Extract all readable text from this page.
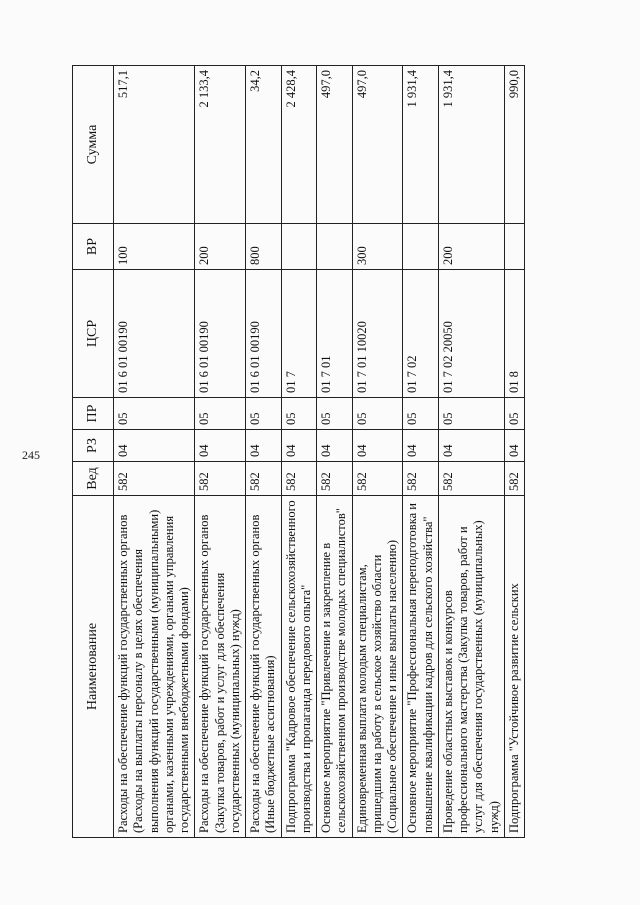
245
Наименование	Вед	РЗ	ПР	ЦСР	ВР	Сумма
Расходы на обеспечение функций государственных органов (Расходы на выплаты персоналу в целях обеспечения выполнения функций государственными (муниципальными) органами, казенными учреждениями, органами управления государственными внебюджетными фондами)	582	04	05	01 6 01 00190	100	517,1
Расходы на обеспечение функций государственных органов (Закупка товаров, работ и услуг для обеспечения государственных (муниципальных) нужд)	582	04	05	01 6 01 00190	200	2 133,4
Расходы на обеспечение функций государственных органов (Иные бюджетные ассигнования)	582	04	05	01 6 01 00190	800	34,2
Подпрограмма "Кадровое обеспечение сельскохозяйственного производства и пропаганда передового опыта"	582	04	05	01 7		2 428,4
Основное мероприятие "Привлечение и закрепление в сельскохозяйственном производстве молодых специалистов"	582	04	05	01 7 01		497,0
Единовременная выплата молодым специалистам, пришедшим на работу в сельское хозяйство области (Социальное обеспечение и иные выплаты населению)	582	04	05	01 7 01 10020	300	497,0
Основное мероприятие "Профессиональная переподготовка и повышение квалификации кадров для сельского хозяйства"	582	04	05	01 7 02		1 931,4
Проведение областных выставок и конкурсов профессионального мастерства (Закупка товаров, работ и услуг для обеспечения государственных (муниципальных) нужд)	582	04	05	01 7 02 20050	200	1 931,4
Подпрограмма "Устойчивое развитие сельских	582	04	05	01 8		990,0
